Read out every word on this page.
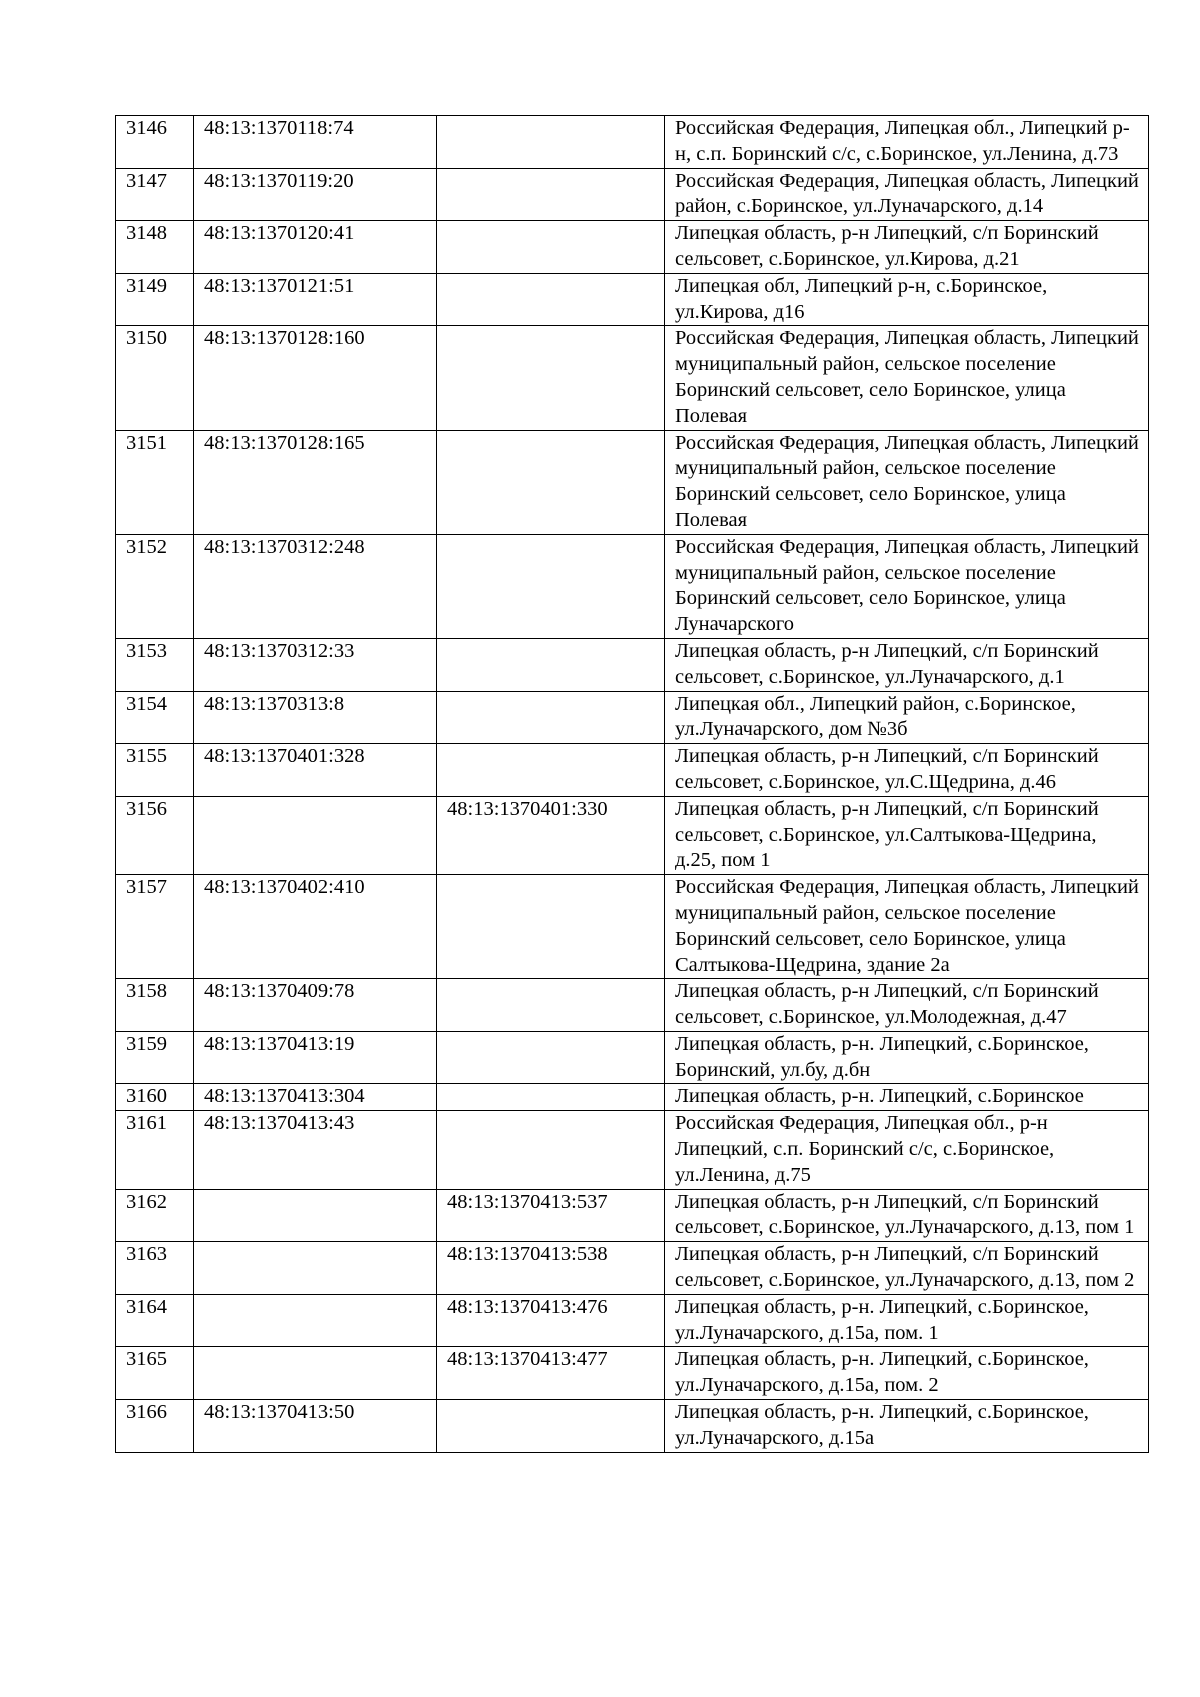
3146	48:13:1370118:74		Российская Федерация, Липецкая обл., Липецкий р-н, с.п. Боринский с/с, с.Боринское, ул.Ленина, д.73
3147	48:13:1370119:20		Российская Федерация, Липецкая область, Липецкий район, с.Боринское, ул.Луначарского, д.14
3148	48:13:1370120:41		Липецкая область, р-н Липецкий, с/п Боринский сельсовет, с.Боринское, ул.Кирова, д.21
3149	48:13:1370121:51		Липецкая обл, Липецкий р-н, с.Боринское, ул.Кирова, д16
3150	48:13:1370128:160		Российская Федерация, Липецкая область, Липецкий муниципальный район, сельское поселение Боринский сельсовет, село Боринское, улица Полевая
3151	48:13:1370128:165		Российская Федерация, Липецкая область, Липецкий муниципальный район, сельское поселение Боринский сельсовет, село Боринское, улица Полевая
3152	48:13:1370312:248		Российская Федерация, Липецкая область, Липецкий муниципальный район, сельское поселение Боринский сельсовет, село Боринское, улица Луначарского
3153	48:13:1370312:33		Липецкая область, р-н Липецкий, с/п Боринский сельсовет, с.Боринское, ул.Луначарского, д.1
3154	48:13:1370313:8		Липецкая обл., Липецкий район, с.Боринское, ул.Луначарского, дом №3б
3155	48:13:1370401:328		Липецкая область, р-н Липецкий, с/п Боринский сельсовет, с.Боринское, ул.С.Щедрина, д.46
3156		48:13:1370401:330	Липецкая область, р-н Липецкий, с/п Боринский сельсовет, с.Боринское, ул.Салтыкова-Щедрина, д.25, пом 1
3157	48:13:1370402:410		Российская Федерация, Липецкая область, Липецкий муниципальный район, сельское поселение Боринский сельсовет, село Боринское, улица Салтыкова-Щедрина, здание 2а
3158	48:13:1370409:78		Липецкая область, р-н Липецкий, с/п Боринский сельсовет, с.Боринское, ул.Молодежная, д.47
3159	48:13:1370413:19		Липецкая область, р-н. Липецкий, с.Боринское, Боринский, ул.бу, д.бн
3160	48:13:1370413:304		Липецкая область, р-н. Липецкий, с.Боринское
3161	48:13:1370413:43		Российская Федерация, Липецкая обл., р-н Липецкий, с.п. Боринский с/с, с.Боринское, ул.Ленина, д.75
3162		48:13:1370413:537	Липецкая область, р-н Липецкий, с/п Боринский сельсовет, с.Боринское, ул.Луначарского, д.13, пом 1
3163		48:13:1370413:538	Липецкая область, р-н Липецкий, с/п Боринский сельсовет, с.Боринское, ул.Луначарского, д.13, пом 2
3164		48:13:1370413:476	Липецкая область, р-н. Липецкий, с.Боринское, ул.Луначарского, д.15а, пом. 1
3165		48:13:1370413:477	Липецкая область, р-н. Липецкий, с.Боринское, ул.Луначарского, д.15а, пом. 2
3166	48:13:1370413:50		Липецкая область, р-н. Липецкий, с.Боринское, ул.Луначарского, д.15а
